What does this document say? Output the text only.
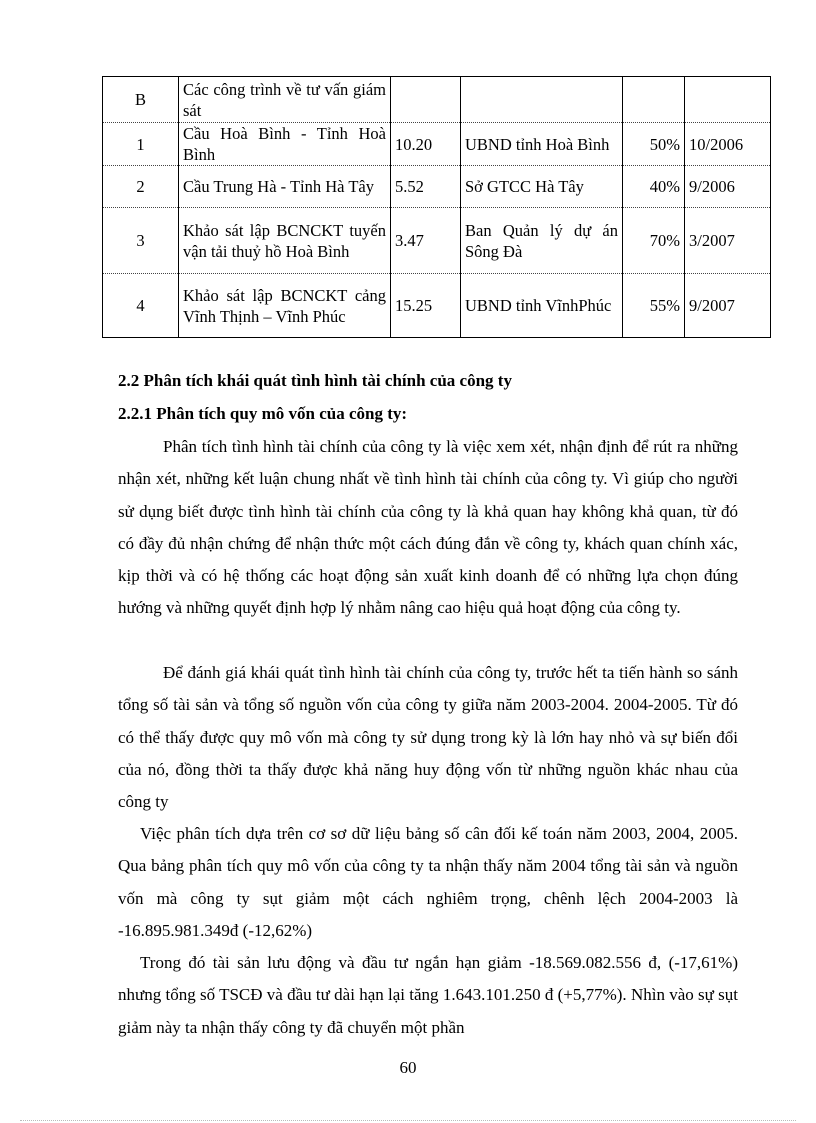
B	Các công trình về tư vấn giám sát				
1	Cầu Hoà Bình - Tỉnh Hoà Bình	10.20	UBND tỉnh Hoà Bình	50%	10/2006
2	Cầu Trung Hà - Tỉnh Hà Tây	5.52	Sở GTCC Hà Tây	40%	9/2006
3	Khảo sát lập BCNCKT tuyến vận tải thuỷ hồ Hoà Bình	3.47	Ban Quản lý dự án Sông Đà	70%	3/2007
4	Khảo sát lập BCNCKT cảng Vĩnh Thịnh – Vĩnh Phúc	15.25	UBND tỉnh VĩnhPhúc	55%	9/2007
2.2 Phân tích khái quát tình hình tài chính của công ty
2.2.1 Phân tích quy mô vốn của công ty:
Phân tích tình hình tài chính của công ty là việc xem xét, nhận định để rút ra những nhận xét, những kết luận chung nhất về tình hình tài chính của công ty. Vì giúp cho người sử dụng biết được tình hình tài chính của công ty là khả quan hay không khả quan, từ đó có đầy đủ nhận chứng để nhận thức một cách đúng đắn về công ty, khách quan chính xác, kịp thời và có hệ thống các hoạt động sản xuất kinh doanh để có những lựa chọn đúng hướng và những quyết định hợp lý nhằm nâng cao hiệu quả hoạt động của công ty.
Để đánh giá khái quát tình hình tài chính của công ty, trước hết ta tiến hành so sánh tổng số tài sản và tổng số nguồn vốn của công ty giữa năm 2003-2004. 2004-2005. Từ đó có thể thấy được quy mô vốn mà công ty sử dụng trong kỳ là lớn hay nhỏ và sự biến đổi của nó, đồng thời ta thấy được khả năng huy động vốn từ những nguồn khác nhau của công ty
Việc phân tích dựa trên cơ sơ dữ liệu bảng số cân đối kế toán năm 2003, 2004, 2005. Qua bảng phân tích quy mô vốn của công ty ta nhận thấy năm 2004 tổng tài sản và nguồn vốn mà công ty sụt giảm một cách nghiêm trọng, chênh lệch 2004-2003 là -16.895.981.349đ (-12,62%)
Trong đó tài sản lưu động và đầu tư ngắn hạn giảm -18.569.082.556 đ, (-17,61%) nhưng tổng số TSCĐ và đầu tư dài hạn lại tăng 1.643.101.250 đ (+5,77%). Nhìn vào sự sụt giảm này ta nhận thấy công ty đã chuyển một phần
60
